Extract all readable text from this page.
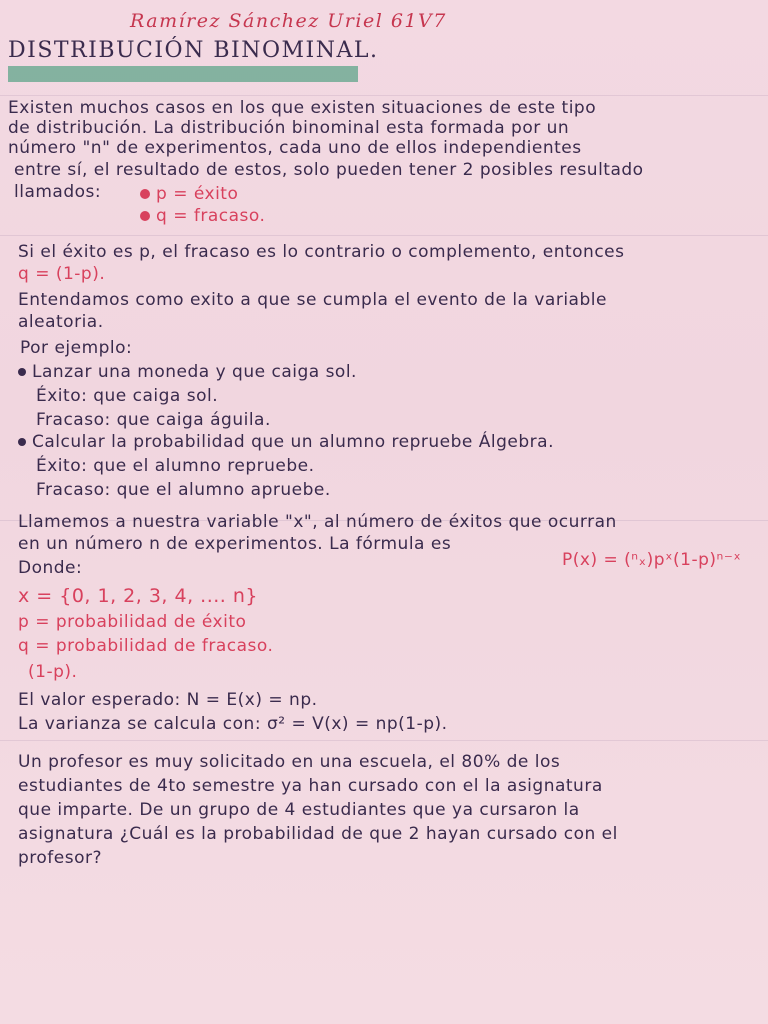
Ramírez Sánchez Uriel 61V7
DISTRIBUCIÓN BINOMINAL.
Existen muchos casos en los que existen situaciones de este tipo
de distribución. La distribución binominal esta formada por un
número "n" de experimentos, cada uno de ellos independientes
entre sí, el resultado de estos, solo pueden tener 2 posibles resultado
llamados:	p = éxito
q = fracaso.
Si el éxito es p, el fracaso es lo contrario o complemento, entonces
q = (1-p).
Entendamos como exito a que se cumpla el evento de la variable
aleatoria.
Por ejemplo:
Lanzar una moneda y que caiga sol.
Éxito: que caiga sol.
Fracaso: que caiga águila.
Calcular la probabilidad que un alumno repruebe Álgebra.
Éxito: que el alumno repruebe.
Fracaso: que el alumno apruebe.
Llamemos a nuestra variable "x", al número de éxitos que ocurran
en un número n de experimentos. La fórmula es
P(x) = (ⁿₓ)pˣ(1-p)ⁿ⁻ˣ
Donde:
x = {0, 1, 2, 3, 4, .... n}
p = probabilidad de éxito
q = probabilidad de fracaso.
(1-p).
El valor esperado: N = E(x) = np.
La varianza se calcula con: σ² = V(x) = np(1-p).
Un profesor es muy solicitado en una escuela, el 80% de los
estudiantes de 4to semestre ya han cursado con el la asignatura
que imparte. De un grupo de 4 estudiantes que ya cursaron la
asignatura ¿Cuál es la probabilidad de que 2 hayan cursado con el
profesor?
